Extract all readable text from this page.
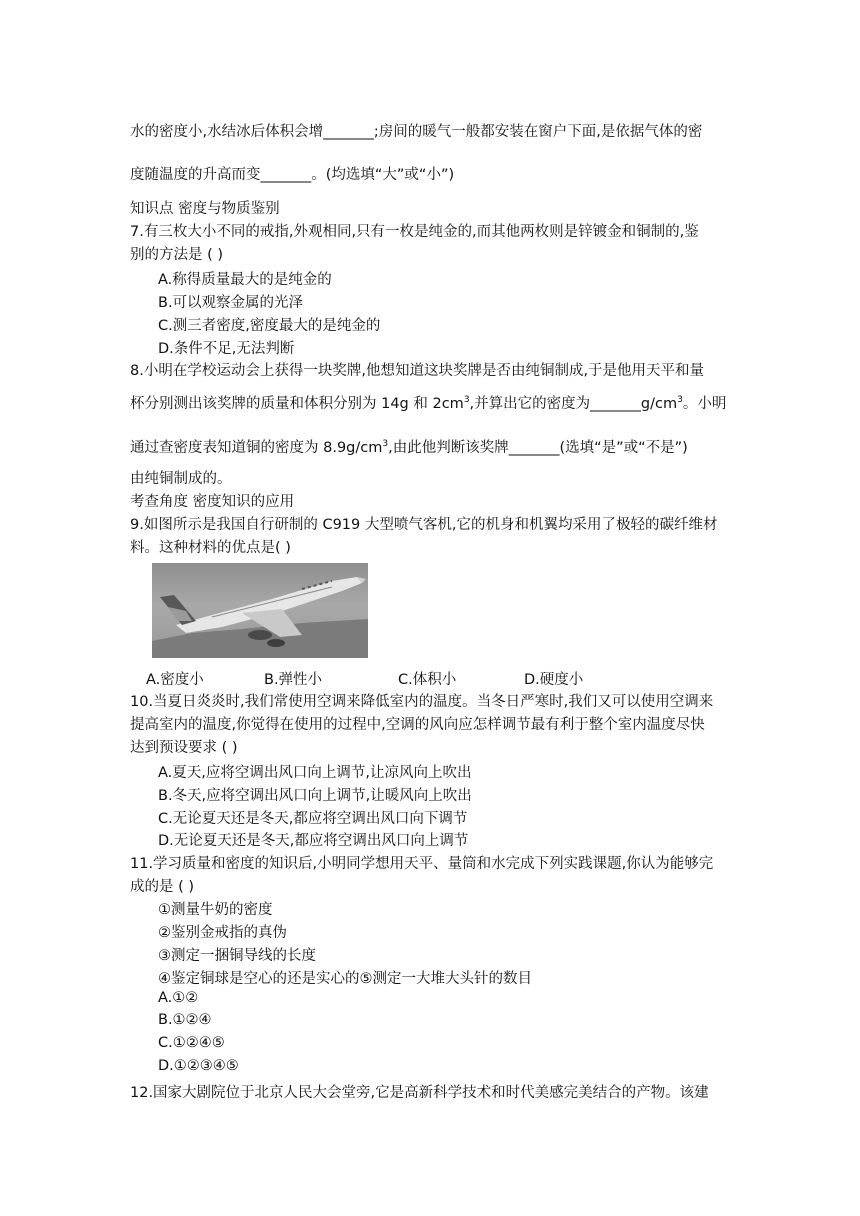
水的密度小,水结冰后体积会增_______;房间的暖气一般都安装在窗户下面,是依据气体的密
度随温度的升高而变_______。(均选填“大”或“小”)
知识点 密度与物质鉴别
7.有三枚大小不同的戒指,外观相同,只有一枚是纯金的,而其他两枚则是锌镀金和铜制的,鉴
别的方法是 ( )
A.称得质量最大的是纯金的
B.可以观察金属的光泽
C.测三者密度,密度最大的是纯金的
D.条件不足,无法判断
8.小明在学校运动会上获得一块奖牌,他想知道这块奖牌是否由纯铜制成,于是他用天平和量
杯分别测出该奖牌的质量和体积分别为 14g 和 $2cm^3$,并算出它的密度为$\_\_\_\_\_\_\_g/cm^3$。小明
通过查密度表知道铜的密度为 $8.9g/cm^3$,由此他判断该奖牌_______(选填“是”或“不是”)
由纯铜制成的。
考查角度 密度知识的应用
9.如图所示是我国自行研制的 C919 大型喷气客机,它的机身和机翼均采用了极轻的碳纤维材
料。这种材料的优点是( )
A.密度小	B.弹性小	C.体积小	D.硬度小
10.当夏日炎炎时,我们常使用空调来降低室内的温度。当冬日严寒时,我们又可以使用空调来
提高室内的温度,你觉得在使用的过程中,空调的风向应怎样调节最有利于整个室内温度尽快
达到预设要求 ( )
A.夏天,应将空调出风口向上调节,让凉风向上吹出
B.冬天,应将空调出风口向上调节,让暖风向上吹出
C.无论夏天还是冬天,都应将空调出风口向下调节
D.无论夏天还是冬天,都应将空调出风口向上调节
11.学习质量和密度的知识后,小明同学想用天平、量筒和水完成下列实践课题,你认为能够完
成的是 ( )
①测量牛奶的密度
②鉴别金戒指的真伪
③测定一捆铜导线的长度
④鉴定铜球是空心的还是实心的⑤测定一大堆大头针的数目
A.①②
B.①②④
C.①②④⑤
D.①②③④⑤
12.国家大剧院位于北京人民大会堂旁,它是高新科学技术和时代美感完美结合的产物。该建
